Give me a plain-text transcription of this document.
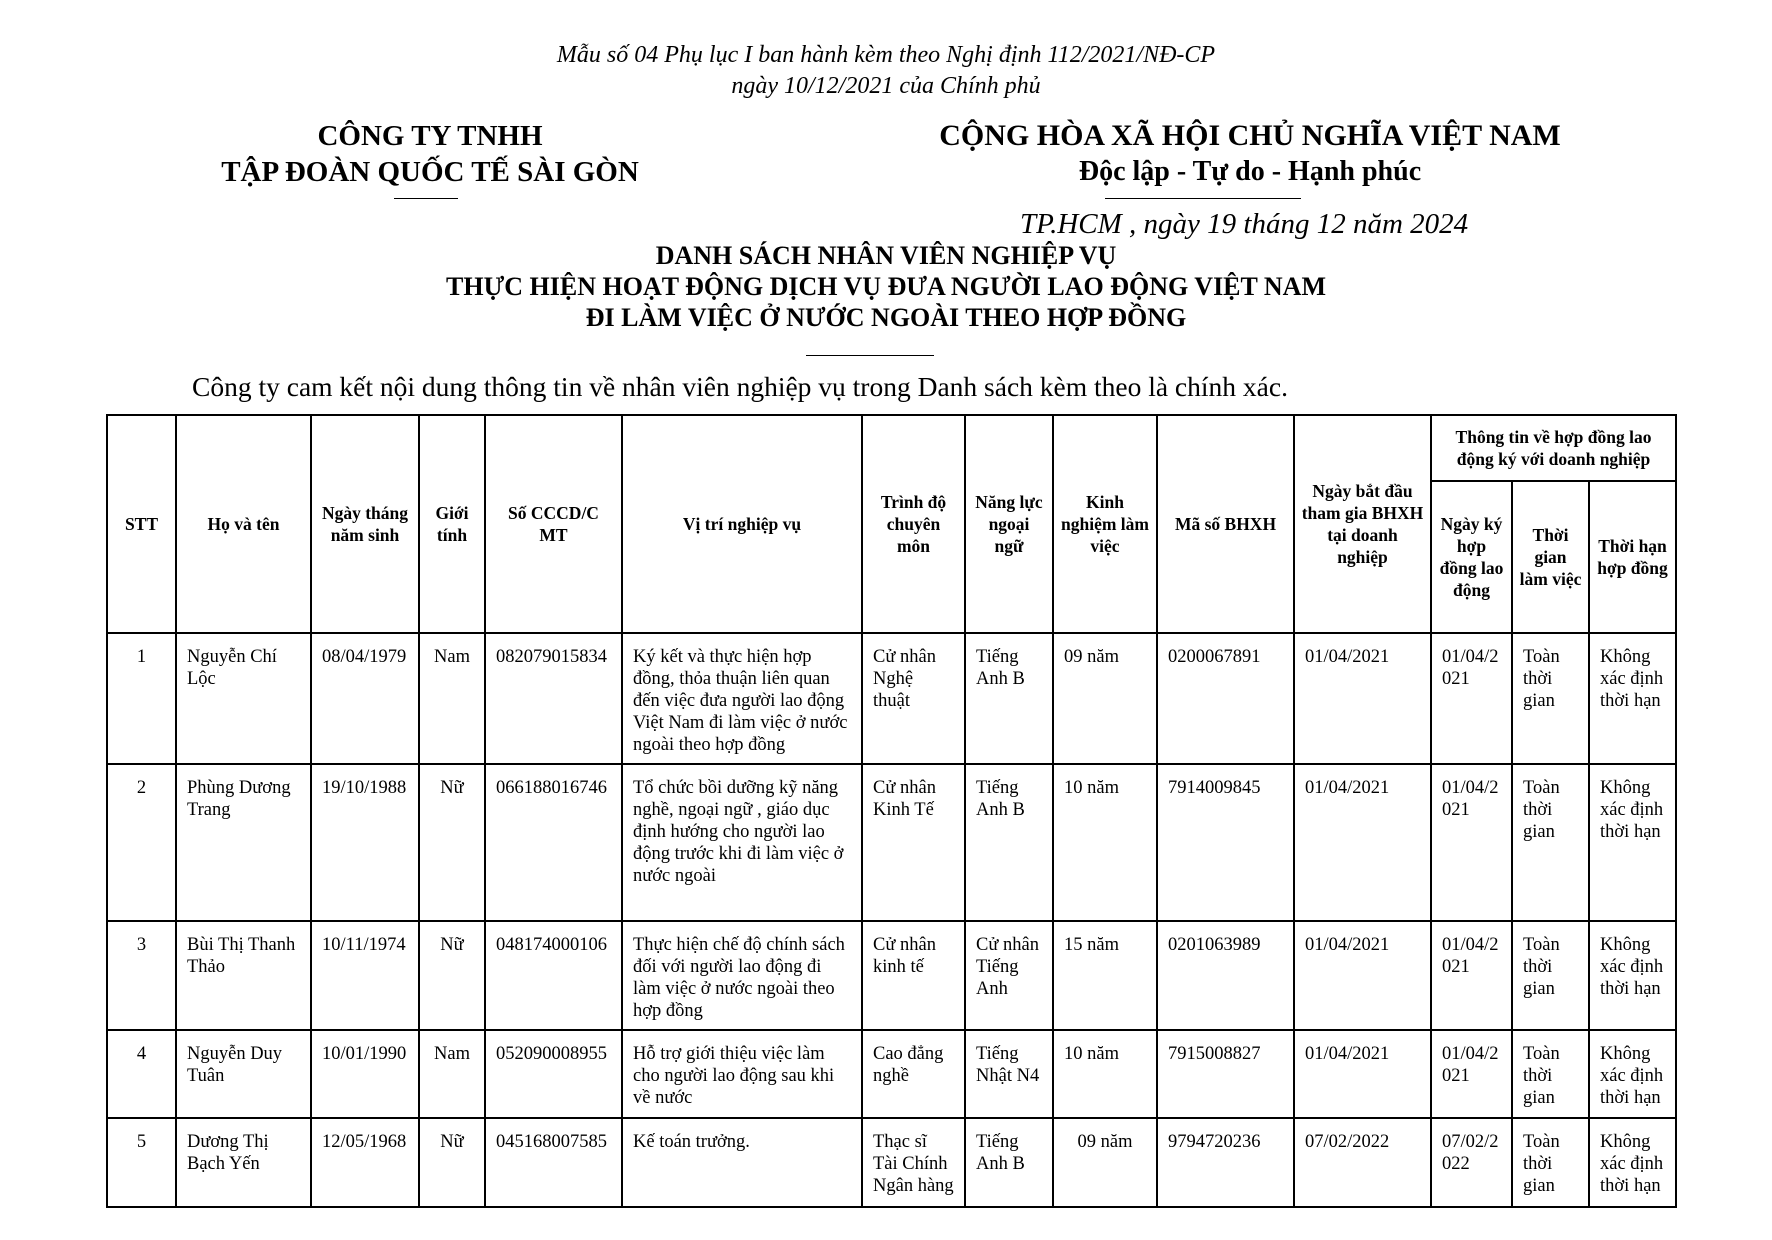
Mẫu số 04 Phụ lục I ban hành kèm theo Nghị định 112/2021/NĐ-CP
ngày 10/12/2021 của Chính phủ
CÔNG TY TNHH
TẬP ĐOÀN QUỐC TẾ SÀI GÒN
CỘNG HÒA XÃ HỘI CHỦ NGHĨA VIỆT NAM
Độc lập - Tự do - Hạnh phúc
TP.HCM , ngày 19 tháng 12 năm 2024
DANH SÁCH NHÂN VIÊN NGHIỆP VỤ
THỰC HIỆN HOẠT ĐỘNG DỊCH VỤ ĐƯA NGƯỜI LAO ĐỘNG VIỆT NAM
ĐI LÀM VIỆC Ở NƯỚC NGOÀI THEO HỢP ĐỒNG
Công ty cam kết nội dung thông tin về nhân viên nghiệp vụ trong Danh sách kèm theo là chính xác.
STT	Họ và tên	Ngày tháng năm sinh	Giới tính	Số CCCD/C MT	Vị trí nghiệp vụ	Trình độ chuyên môn	Năng lực ngoại ngữ	Kinh nghiệm làm việc	Mã số BHXH	Ngày bắt đầu tham gia BHXH tại doanh nghiệp	Thông tin về hợp đồng lao động ký với doanh nghiệp		
											Ngày ký hợp đồng lao động	Thời gian làm việc	Thời hạn hợp đồng
1	Nguyễn Chí Lộc	08/04/1979	Nam	082079015834	Ký kết và thực hiện hợp đồng, thỏa thuận liên quan đến việc đưa người lao động Việt Nam đi làm việc ở nước ngoài theo hợp đồng	Cử nhân Nghệ thuật	Tiếng Anh B	09 năm	0200067891	01/04/2021	01/04/2021	Toàn thời gian	Không xác định thời hạn
2	Phùng Dương Trang	19/10/1988	Nữ	066188016746	Tổ chức bồi dưỡng kỹ năng nghề, ngoại ngữ , giáo dục định hướng cho người lao động trước khi đi làm việc ở nước ngoài	Cử nhân Kinh Tế	Tiếng Anh B	10 năm	7914009845	01/04/2021	01/04/2021	Toàn thời gian	Không xác định thời hạn
3	Bùi Thị Thanh Thảo	10/11/1974	Nữ	048174000106	Thực hiện chế độ chính sách đối với người lao động đi làm việc ở nước ngoài theo hợp đồng	Cử nhân kinh tế	Cử nhân Tiếng Anh	15 năm	0201063989	01/04/2021	01/04/2021	Toàn thời gian	Không xác định thời hạn
4	Nguyễn Duy Tuân	10/01/1990	Nam	052090008955	Hỗ trợ giới thiệu việc làm cho người lao động sau khi về nước	Cao đẳng nghề	Tiếng Nhật N4	10 năm	7915008827	01/04/2021	01/04/2021	Toàn thời gian	Không xác định thời hạn
5	Dương Thị Bạch Yến	12/05/1968	Nữ	045168007585	Kế toán trưởng.	Thạc sĩ Tài Chính Ngân hàng	Tiếng Anh B	09 năm	9794720236	07/02/2022	07/02/2022	Toàn thời gian	Không xác định thời hạn
